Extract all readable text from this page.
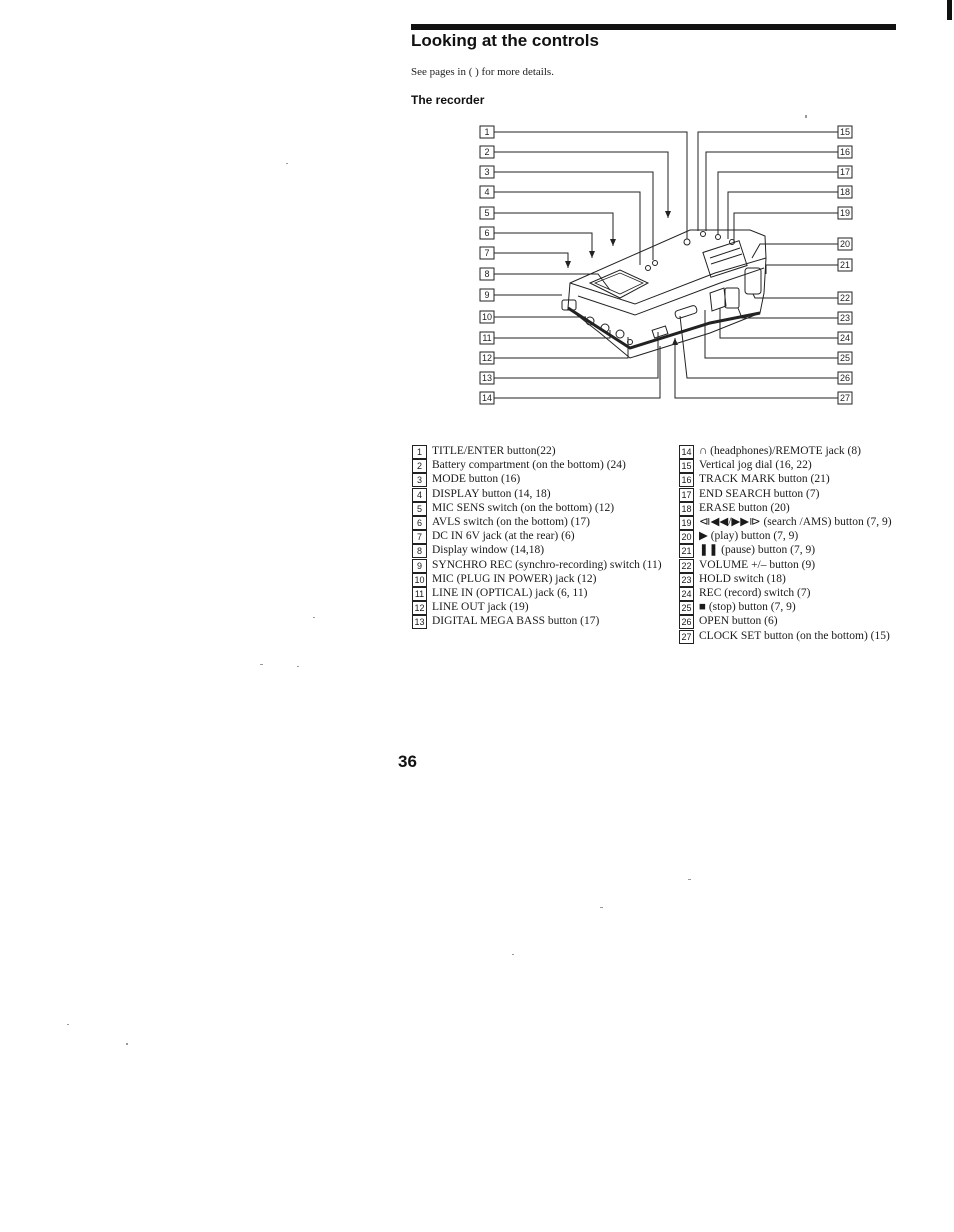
Looking at the controls
See pages in ( ) for more details.
The recorder
1
2
3
4
5
6
7
8
9
10
11
12
13
14
15
16
17
18
19
20
21
22
23
24
25
26
27
1 TITLE/ENTER button(22)
2 Battery compartment (on the bottom) (24)
3 MODE button (16)
4 DISPLAY button (14, 18)
5 MIC SENS switch (on the bottom) (12)
6 AVLS switch (on the bottom) (17)
7 DC IN 6V jack (at the rear) (6)
8 Display window (14,18)
9 SYNCHRO REC (synchro-recording) switch (11)
10 MIC (PLUG IN POWER) jack (12)
11 LINE IN (OPTICAL) jack (6, 11)
12 LINE OUT jack (19)
13 DIGITAL MEGA BASS button (17)
14 ∩ (headphones)/REMOTE jack (8)
15 Vertical jog dial (16, 22)
16 TRACK MARK button (21)
17 END SEARCH button (7)
18 ERASE button (20)
19 ⧏◀◀/▶▶⧐ (search /AMS) button (7, 9)
20 ▶ (play) button (7, 9)
21 ❚❚ (pause) button (7, 9)
22 VOLUME +/– button (9)
23 HOLD switch (18)
24 REC (record) switch (7)
25 ■ (stop) button (7, 9)
26 OPEN button (6)
27 CLOCK SET button (on the bottom) (15)
36
